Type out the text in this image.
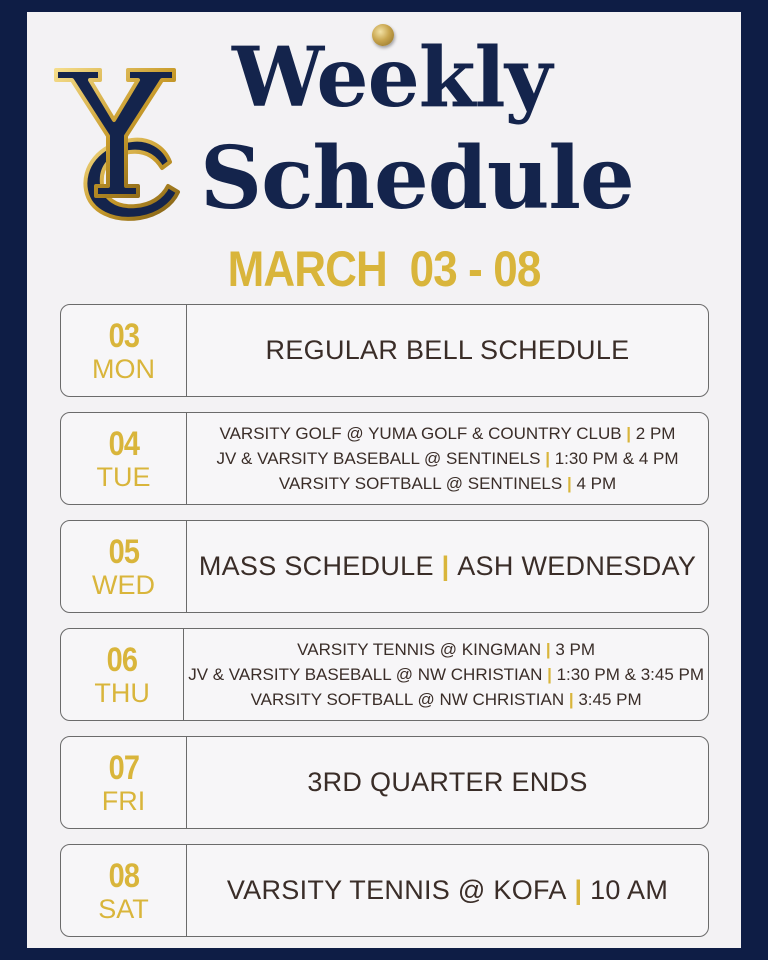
Weekly
Schedule
MARCH  03 - 08
03
MON
REGULAR BELL SCHEDULE
04
TUE
VARSITY GOLF @ YUMA GOLF & COUNTRY CLUB | 2 PM
JV & VARSITY BASEBALL @ SENTINELS | 1:30 PM & 4 PM
VARSITY SOFTBALL @ SENTINELS | 4 PM
05
WED
MASS SCHEDULE | ASH WEDNESDAY
06
THU
VARSITY TENNIS @ KINGMAN | 3 PM
JV & VARSITY BASEBALL @ NW CHRISTIAN | 1:30 PM & 3:45 PM
VARSITY SOFTBALL @ NW CHRISTIAN | 3:45 PM
07
FRI
3RD QUARTER ENDS
08
SAT
VARSITY TENNIS @ KOFA | 10 AM
